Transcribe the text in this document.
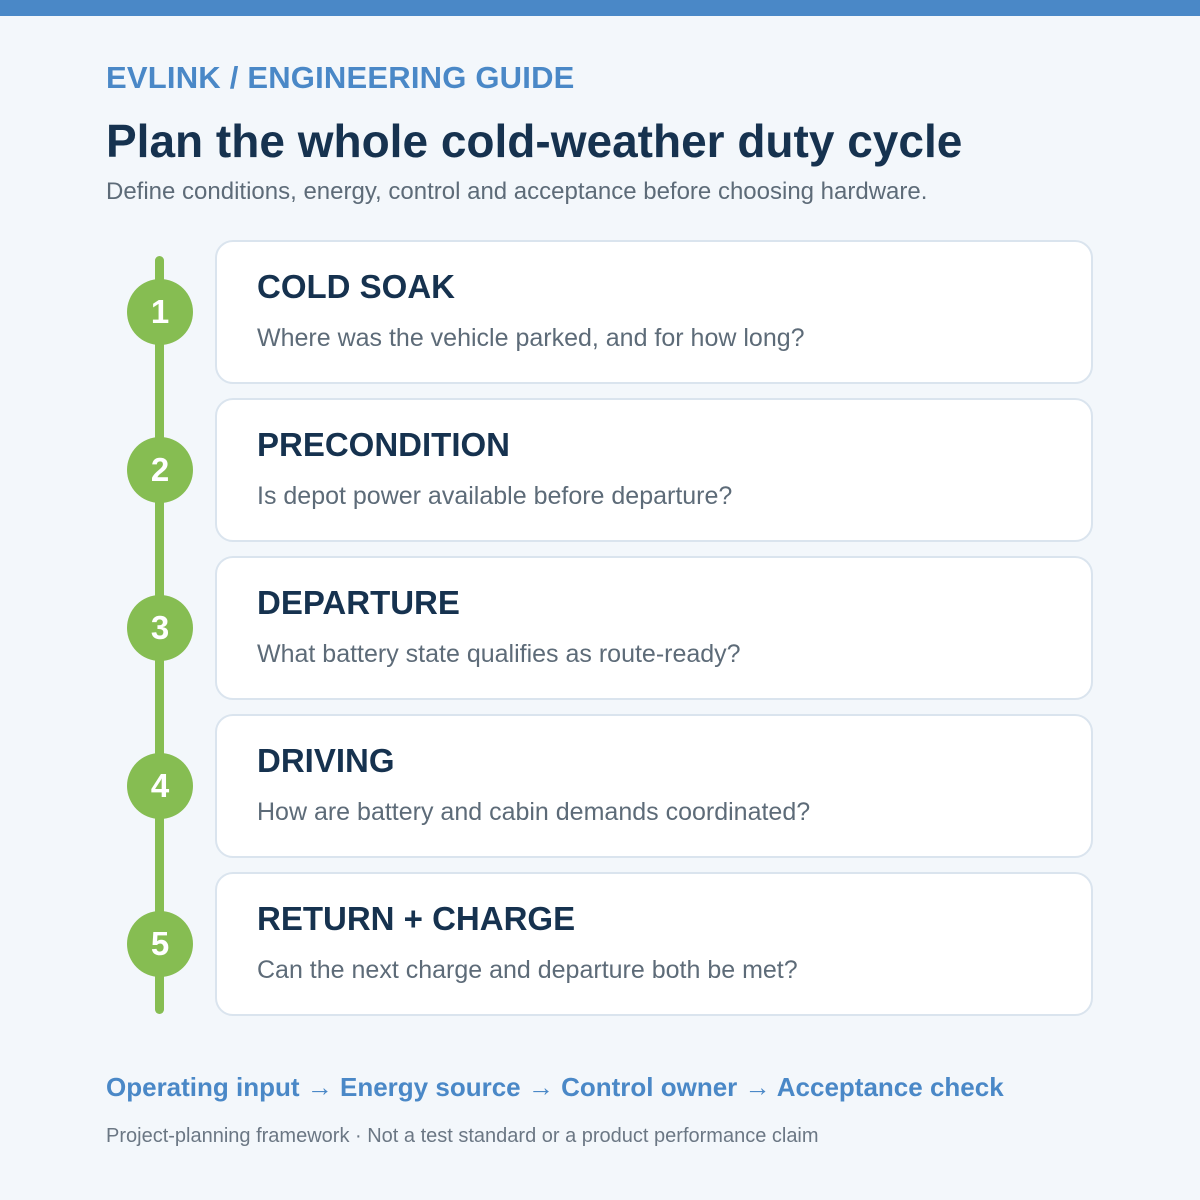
EVLINK / ENGINEERING GUIDE
Plan the whole cold-weather duty cycle
Define conditions, energy, control and acceptance before choosing hardware.
1
COLD SOAK
Where was the vehicle parked, and for how long?
2
PRECONDITION
Is depot power available before departure?
3
DEPARTURE
What battery state qualifies as route-ready?
4
DRIVING
How are battery and cabin demands coordinated?
5
RETURN + CHARGE
Can the next charge and departure both be met?
Operating input → Energy source → Control owner → Acceptance check
Project-planning framework · Not a test standard or a product performance claim
